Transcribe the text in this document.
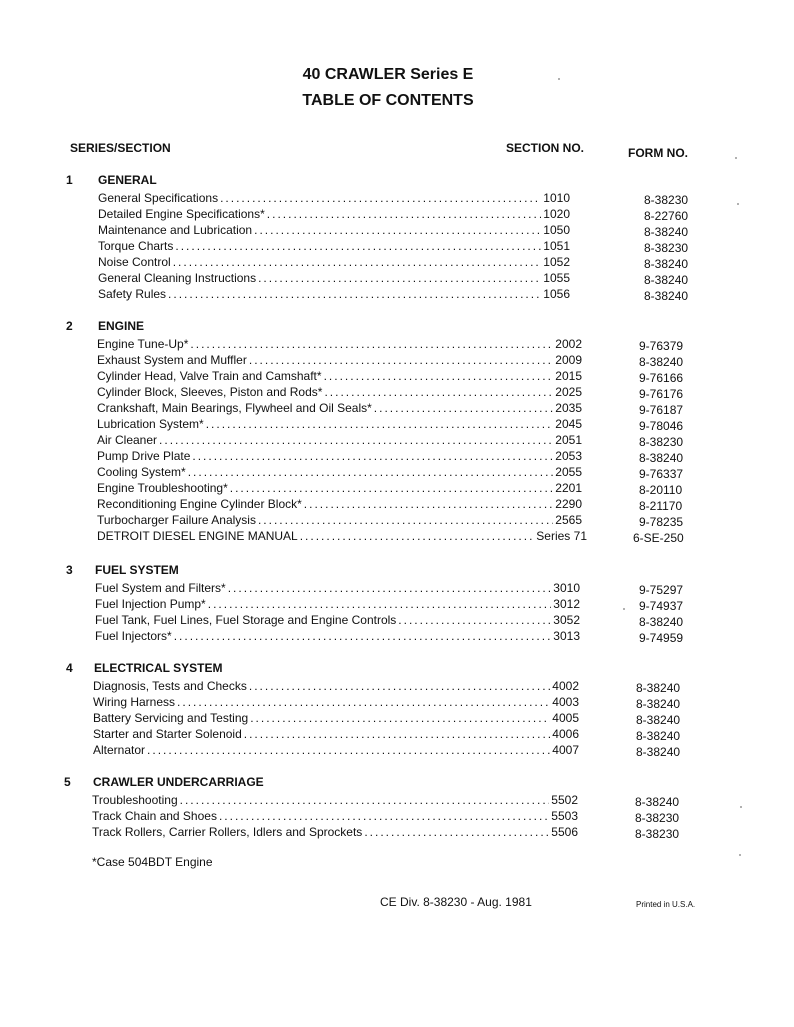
40 CRAWLER Series E
TABLE OF CONTENTS
SERIES/SECTION	SECTION NO.	FORM NO.
1 GENERAL
General Specifications .....	1010	8-38230
Detailed Engine Specifications* .....	1020	8-22760
Maintenance and Lubrication .....	1050	8-38240
Torque Charts .....	1051	8-38230
Noise Control .....	1052	8-38240
General Cleaning Instructions .....	1055	8-38240
Safety Rules .....	1056	8-38240
2 ENGINE
Engine Tune-Up* .....	2002	9-76379
Exhaust System and Muffler .....	2009	8-38240
Cylinder Head, Valve Train and Camshaft* .....	2015	9-76166
Cylinder Block, Sleeves, Piston and Rods* .....	2025	9-76176
Crankshaft, Main Bearings, Flywheel and Oil Seals* .....	2035	9-76187
Lubrication System* .....	2045	9-78046
Air Cleaner .....	2051	8-38230
Pump Drive Plate .....	2053	8-38240
Cooling System* .....	2055	9-76337
Engine Troubleshooting* .....	2201	8-20110
Reconditioning Engine Cylinder Block* .....	2290	8-21170
Turbocharger Failure Analysis .....	2565	9-78235
DETROIT DIESEL ENGINE MANUAL .....	Series 71	6-SE-250
3 FUEL SYSTEM
Fuel System and Filters* .....	3010	9-75297
Fuel Injection Pump* .....	3012	9-74937
Fuel Tank, Fuel Lines, Fuel Storage and Engine Controls .....	3052	8-38240
Fuel Injectors* .....	3013	9-74959
4 ELECTRICAL SYSTEM
Diagnosis, Tests and Checks .....	4002	8-38240
Wiring Harness .....	4003	8-38240
Battery Servicing and Testing .....	4005	8-38240
Starter and Starter Solenoid .....	4006	8-38240
Alternator .....	4007	8-38240
5 CRAWLER UNDERCARRIAGE
Troubleshooting .....	5502	8-38240
Track Chain and Shoes .....	5503	8-38230
Track Rollers, Carrier Rollers, Idlers and Sprockets .....	5506	8-38230
*Case 504BDT Engine
CE Div. 8-38230 - Aug. 1981	Printed in U.S.A.
